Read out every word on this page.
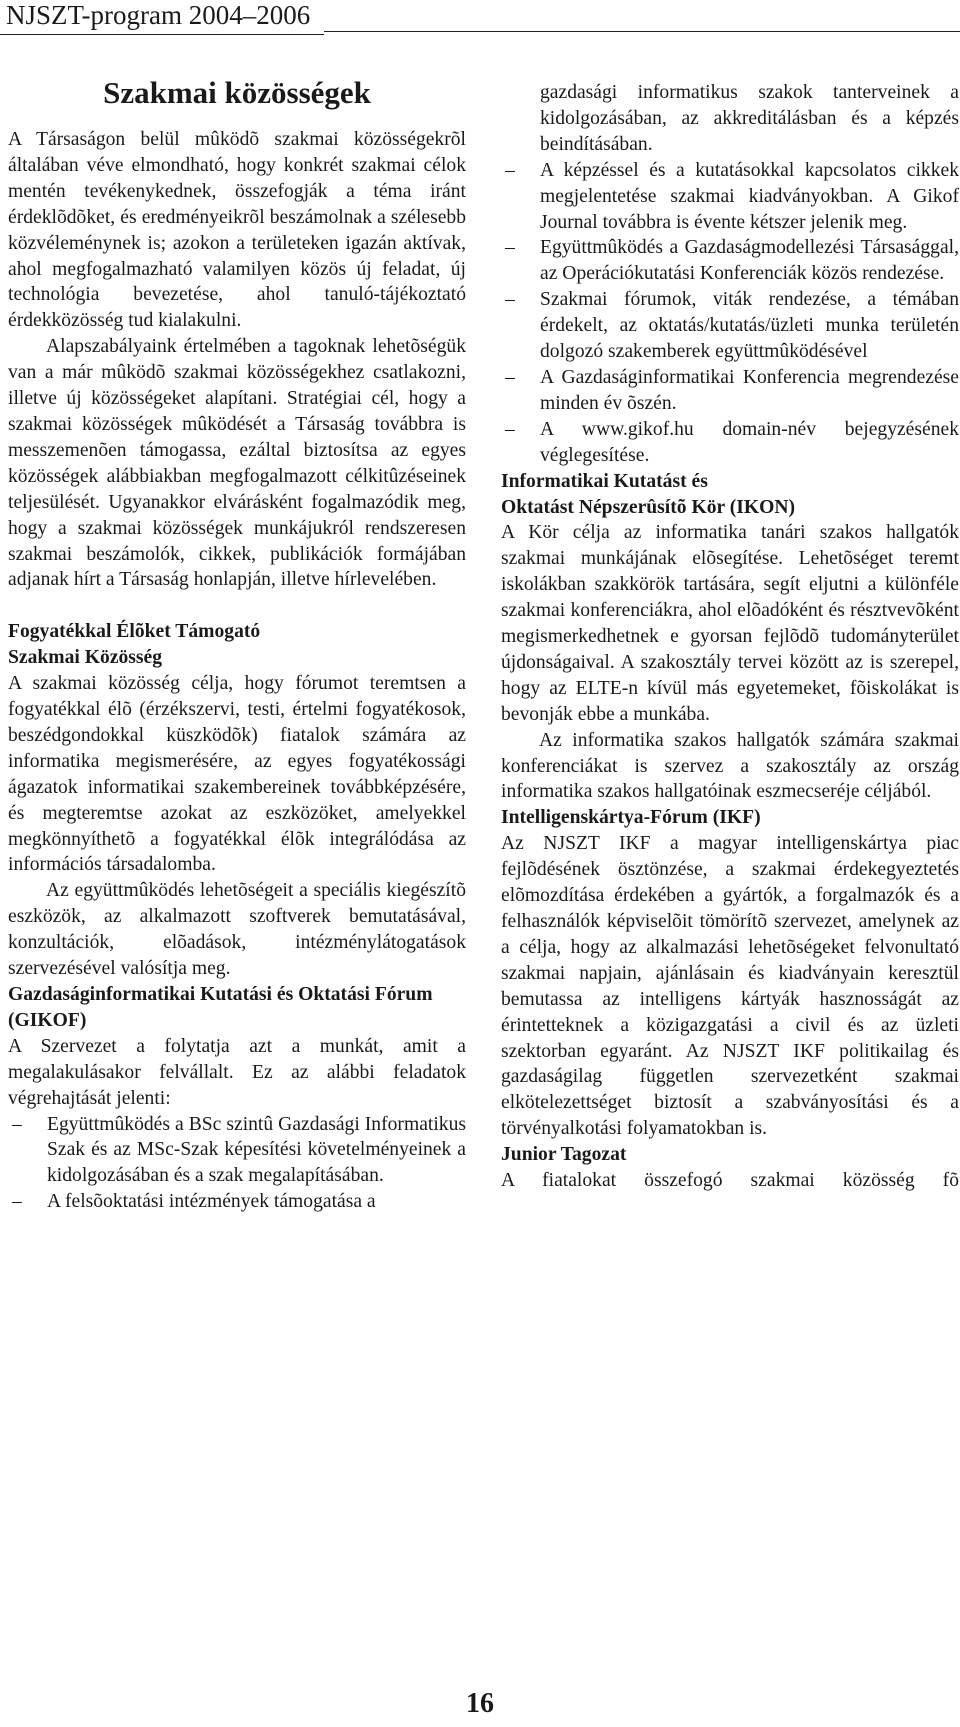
NJSZT-program 2004–2006
Szakmai közösségek

A Társaságon belül mûködõ szakmai közösségekrõl általában véve elmondható, hogy konkrét szakmai célok mentén tevékenykednek, összefogják a téma iránt érdeklõdõket, és eredményeikrõl beszámolnak a szélesebb közvéleménynek is; azokon a területeken igazán aktívak, ahol megfogalmazható valamilyen közös új feladat, új technológia bevezetése, ahol tanuló-tájékoztató érdekközösség tud kialakulni.

Alapszabályaink értelmében a tagoknak lehetõségük van a már mûködõ szakmai közösségekhez csatlakozni, illetve új közösségeket alapítani. Stratégiai cél, hogy a szakmai közösségek mûködését a Társaság továbbra is messzemenõen támogassa, ezáltal biztosítsa az egyes közösségek alábbiakban megfogalmazott célkitûzéseinek teljesülését. Ugyanakkor elvárásként fogalmazódik meg, hogy a szakmai közösségek munkájukról rendszeresen szakmai beszámolók, cikkek, publikációk formájában adjanak hírt a Társaság honlapján, illetve hírlevelében.

Fogyatékkal Élõket Támogató
Szakmai Közösség

A szakmai közösség célja, hogy fórumot teremtsen a fogyatékkal élõ (érzékszervi, testi, értelmi fogyatékosok, beszédgondokkal küszködõk) fiatalok számára az informatika megismerésére, az egyes fogyatékossági ágazatok informatikai szakembereinek továbbképzésére, és megteremtse azokat az eszközöket, amelyekkel megkönnyíthetõ a fogyatékkal élõk integrálódása az információs társadalomba.

Az együttmûködés lehetõségeit a speciális kiegészítõ eszközök, az alkalmazott szoftverek bemutatásával, konzultációk, elõadások, intézménylátogatások szervezésével valósítja meg.

Gazdaságinformatikai Kutatási és Oktatási Fórum (GIKOF)

A Szervezet a folytatja azt a munkát, amit a megalakulásakor felvállalt. Ez az alábbi feladatok végrehajtását jelenti:

– Együttmûködés a BSc szintû Gazdasági Informatikus Szak és az MSc-Szak képesítési követelményeinek a kidolgozásában és a szak megalapításában.
– A felsõoktatási intézmények támogatása a

gazdasági informatikus szakok tanterveinek a kidolgozásában, az akkreditálásban és a képzés beindításában.

– A képzéssel és a kutatásokkal kapcsolatos cikkek megjelentetése szakmai kiadványokban. A Gikof Journal továbbra is évente kétszer jelenik meg.
– Együttmûködés a Gazdaságmodellezési Társasággal, az Operációkutatási Konferenciák közös rendezése.
– Szakmai fórumok, viták rendezése, a témában érdekelt, az oktatás/kutatás/üzleti munka területén dolgozó szakemberek együttmûködésével
– A Gazdaságinformatikai Konferencia megrendezése minden év õszén.
– A www.gikof.hu domain-név bejegyzésének véglegesítése.
Informatikai Kutatást és
Oktatást Népszerûsítõ Kör (IKON)

A Kör célja az informatika tanári szakos hallgatók szakmai munkájának elõsegítése. Lehetõséget teremt iskolákban szakkörök tartására, segít eljutni a különféle szakmai konferenciákra, ahol elõadóként és résztvevõként megismerkedhetnek e gyorsan fejlõdõ tudományterület újdonságaival. A szakosztály tervei között az is szerepel, hogy az ELTE-n kívül más egyetemeket, fõiskolákat is bevonják ebbe a munkába.

Az informatika szakos hallgatók számára szakmai konferenciákat is szervez a szakosztály az ország informatika szakos hallgatóinak eszmecseréje céljából.

Intelligenskártya-Fórum (IKF)

Az NJSZT IKF a magyar intelligenskártya piac fejlõdésének ösztönzése, a szakmai érdekegyeztetés elõmozdítása érdekében a gyártók, a forgalmazók és a felhasználók képviselõit tömörítõ szervezet, amelynek az a célja, hogy az alkalmazási lehetõségeket felvonultató szakmai napjain, ajánlásain és kiadványain keresztül bemutassa az intelligens kártyák hasznosságát az érintetteknek a közigazgatási a civil és az üzleti szektorban egyaránt. Az NJSZT IKF politikailag és gazdaságilag független szervezetként szakmai elkötelezettséget biztosít a szabványosítási és a törvényalkotási folyamatokban is.

Junior Tagozat

A fiatalokat összefogó szakmai közösség fõ

16
